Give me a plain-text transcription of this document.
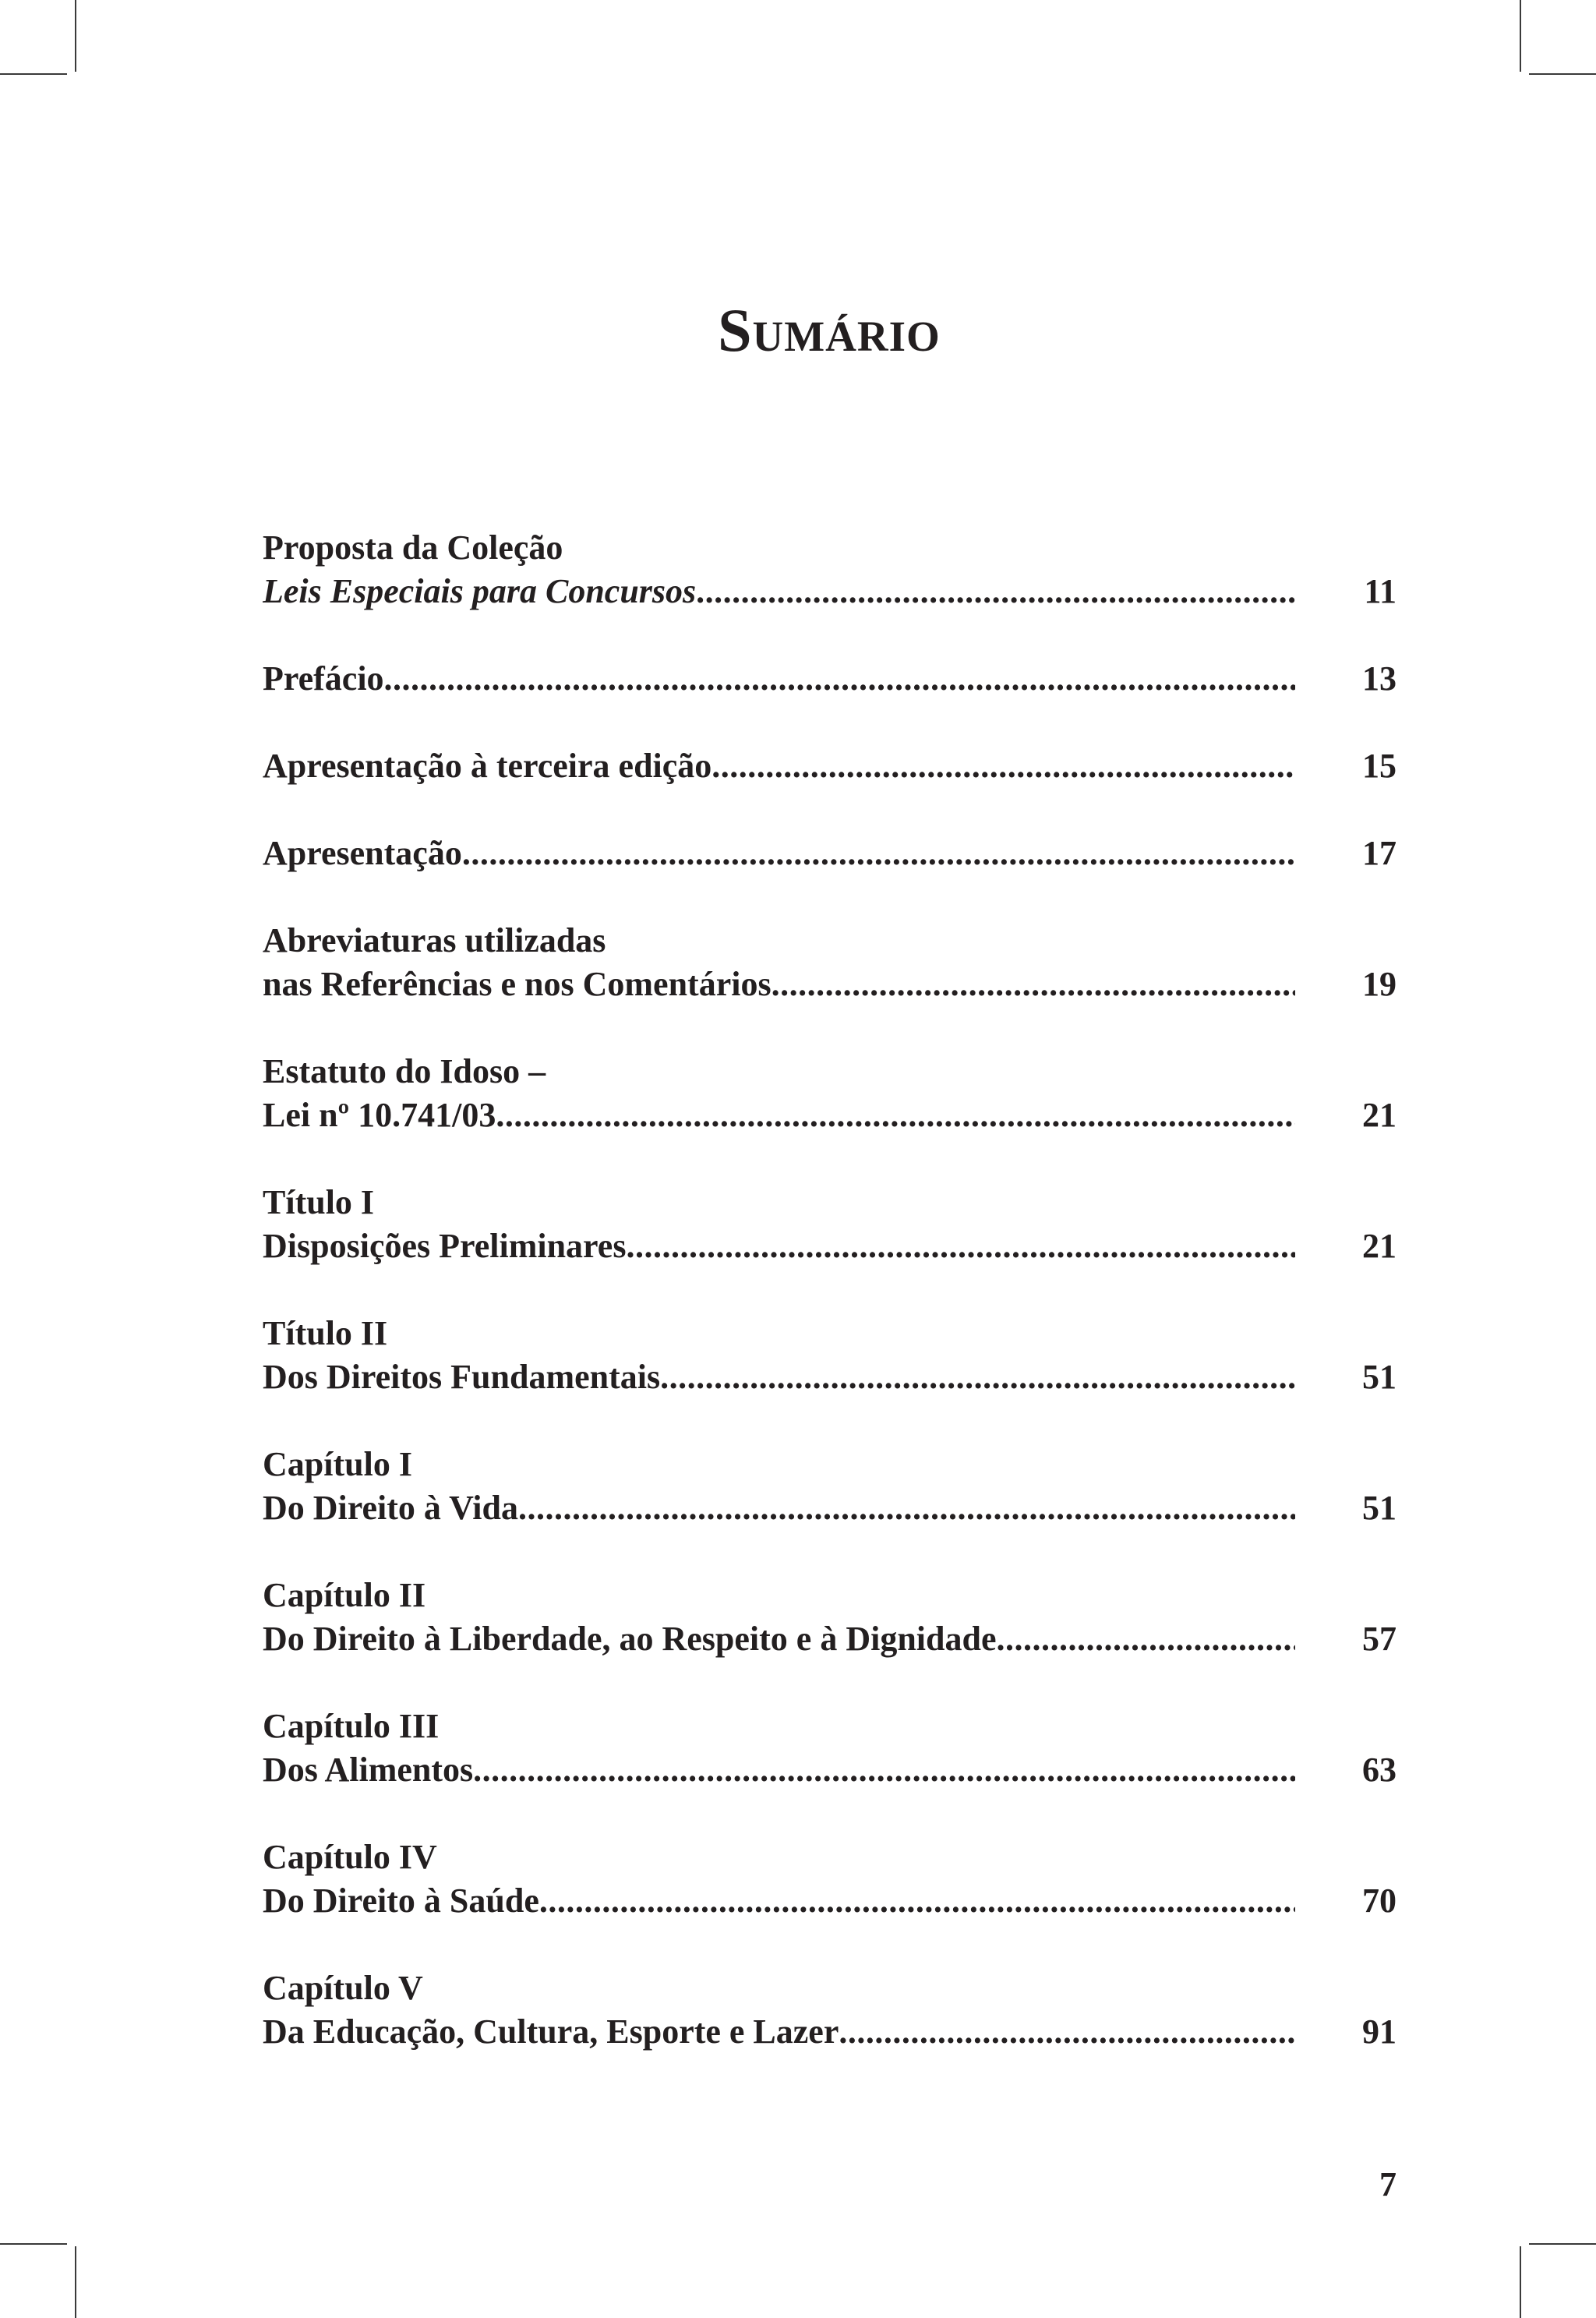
Sumário
Proposta da Coleção
Leis Especiais para Concursos .....	11
Prefácio .....	13
Apresentação à terceira edição .....	15
Apresentação .....	17
Abreviaturas utilizadas
nas Referências e nos Comentários .....	19
Estatuto do Idoso –
Lei nº 10.741/03 .....	21
Título I
Disposições Preliminares .....	21
Título II
Dos Direitos Fundamentais .....	51
Capítulo I
Do Direito à Vida .....	51
Capítulo II
Do Direito à Liberdade, ao Respeito e à Dignidade .....	57
Capítulo III
Dos Alimentos .....	63
Capítulo IV
Do Direito à Saúde .....	70
Capítulo V
Da Educação, Cultura, Esporte e Lazer .....	91
7
